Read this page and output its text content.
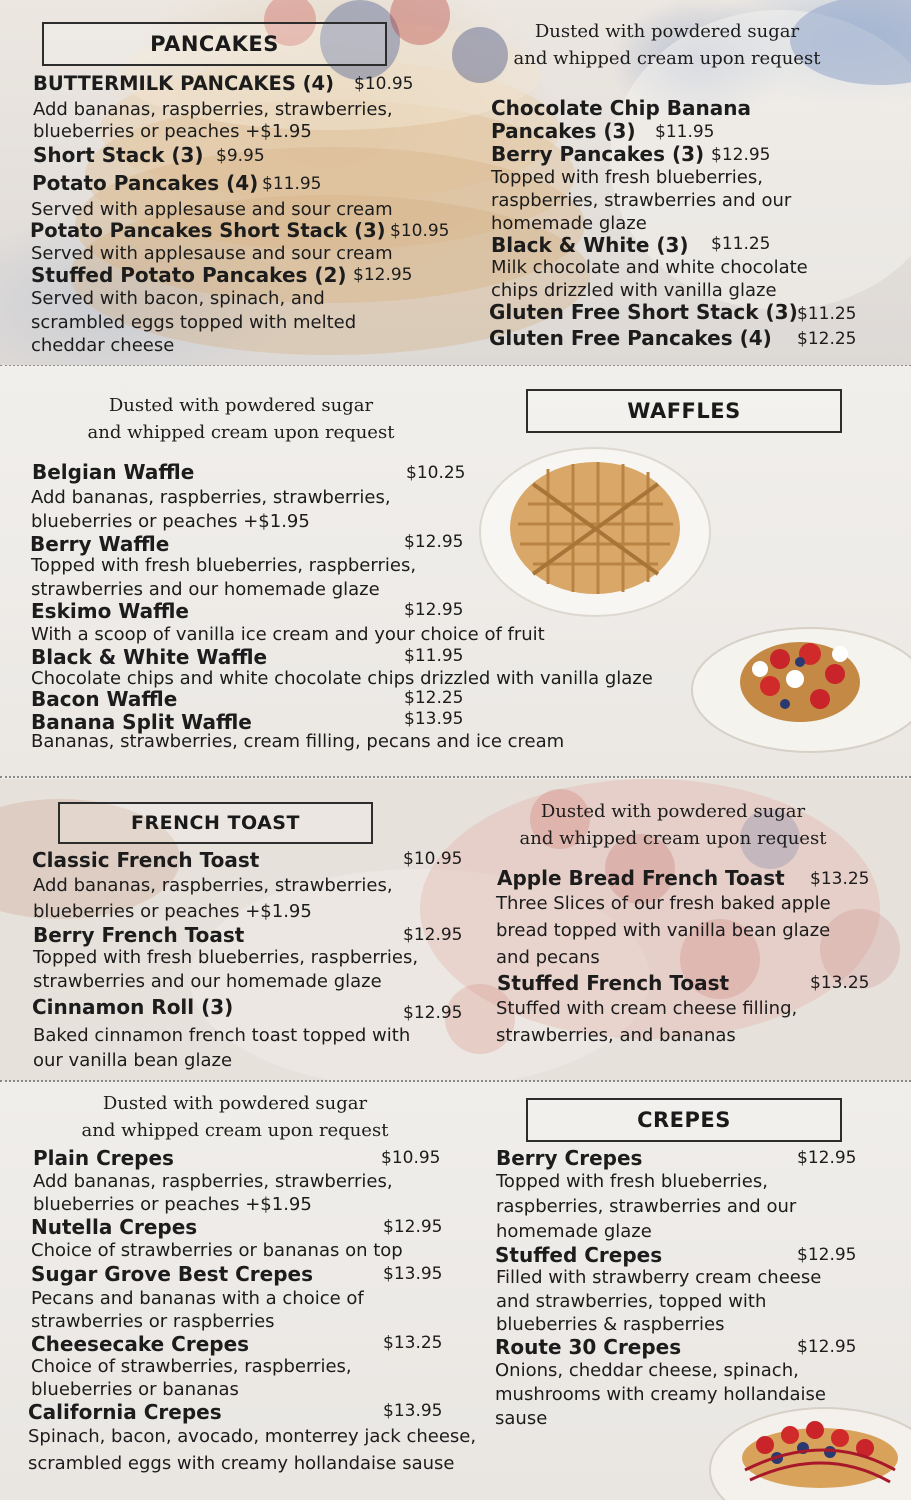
PANCAKES
Dusted with powdered sugar
and whipped cream upon request
BUTTERMILK PANCAKES (4) $10.95
Add bananas, raspberries, strawberries,
blueberries or peaches +$1.95
Short Stack (3) $9.95
Potato Pancakes (4) $11.95
Served with applesause and sour cream
Potato Pancakes Short Stack (3) $10.95
Served with applesause and sour cream
Stuffed Potato Pancakes (2) $12.95
Served with bacon, spinach, and
scrambled eggs topped with melted
cheddar cheese
Chocolate Chip Banana
Pancakes (3) $11.95
Berry Pancakes (3) $12.95
Topped with fresh blueberries,
raspberries, strawberries and our
homemade glaze
Black & White (3) $11.25
Milk chocolate and white chocolate
chips drizzled with vanilla glaze
Gluten Free Short Stack (3) $11.25
Gluten Free Pancakes (4) $12.25
Dusted with powdered sugar
and whipped cream upon request
WAFFLES
Belgian Waffle	$10.25
Add bananas, raspberries, strawberries,
blueberries or peaches +$1.95
Berry Waffle	$12.95
Topped with fresh blueberries, raspberries,
strawberries and our homemade glaze
Eskimo Waffle	$12.95
With a scoop of vanilla ice cream and your choice of fruit
Black & White Waffle	$11.95
Chocolate chips and white chocolate chips drizzled with vanilla glaze
Bacon Waffle	$12.25
Banana Split Waffle	$13.95
Bananas, strawberries, cream filling, pecans and ice cream
FRENCH TOAST
Dusted with powdered sugar
and whipped cream upon request
Classic French Toast	$10.95
Add bananas, raspberries, strawberries,
blueberries or peaches +$1.95
Berry French Toast	$12.95
Topped with fresh blueberries, raspberries,
strawberries and our homemade glaze
Cinnamon Roll (3)	$12.95
Baked cinnamon french toast topped with
our vanilla bean glaze
Apple Bread French Toast $13.25
Three Slices of our fresh baked apple
bread topped with vanilla bean glaze
and pecans
Stuffed French Toast	$13.25
Stuffed with cream cheese filling,
strawberries, and bananas
Dusted with powdered sugar
and whipped cream upon request	CREPES
Plain Crepes	$10.95
Add bananas, raspberries, strawberries,
blueberries or peaches +$1.95
Nutella Crepes	$12.95
Choice of strawberries or bananas on top
Sugar Grove Best Crepes	$13.95
Pecans and bananas with a choice of
strawberries or raspberries
Cheesecake Crepes	$13.25
Choice of strawberries, raspberries,
blueberries or bananas
California Crepes	$13.95
Spinach, bacon, avocado, monterrey jack cheese,
scrambled eggs with creamy hollandaise sause
Berry Crepes	$12.95
Topped with fresh blueberries,
raspberries, strawberries and our
homemade glaze
Stuffed Crepes	$12.95
Filled with strawberry cream cheese
and strawberries, topped with
blueberries & raspberries
Route 30 Crepes	$12.95
Onions, cheddar cheese, spinach,
mushrooms with creamy hollandaise
sause
